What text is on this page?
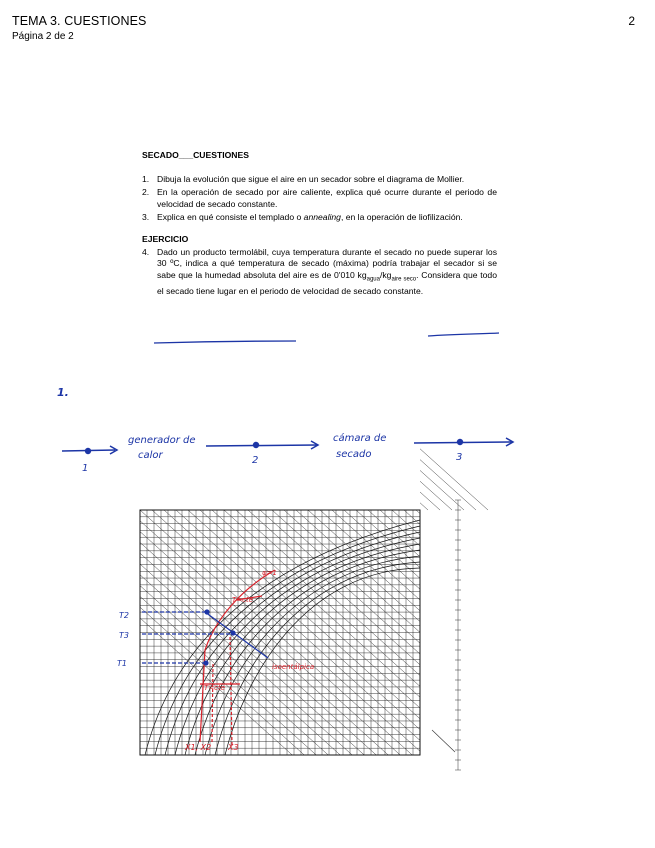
TEMA 3. CUESTIONES
Página 2 de 2
2
SECADO___CUESTIONES
1. Dibuja la evolución que sigue el aire en un secador sobre el diagrama de Mollier.
2. En la operación de secado por aire caliente, explica qué ocurre durante el periodo de velocidad de secado constante.
3. Explica en qué consiste el templado o annealing, en la operación de liofilización.
EJERCICIO
4. Dado un producto termolábil, cuya temperatura durante el secado no puede superar los 30 ºC, indica a qué temperatura de secado (máxima) podría trabajar el secador si se sabe que la humedad absoluta del aire es de 0'010 $kg_{agua}/kg_{aire seco}$. Considera que todo el secado tiene lugar en el periodo de velocidad de secado constante.
1.
1
generador de
calor	2
cámara de
secado	3
φ=1
T=cte
T=cte
X1, X2 X3
T2
T3
T1	isoentálpica
